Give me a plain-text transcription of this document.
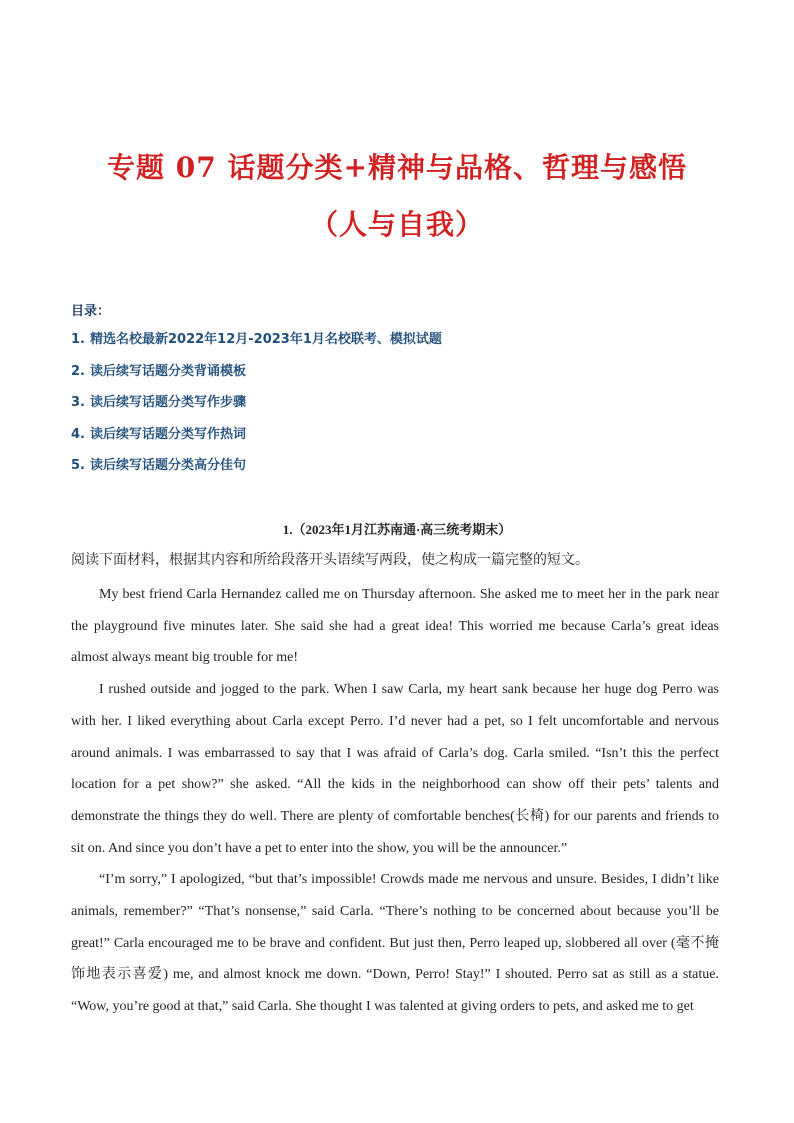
专题 07 话题分类+精神与品格、哲理与感悟
（人与自我）
目录：
1. 精选名校最新2022年12月-2023年1月名校联考、模拟试题
2. 读后续写话题分类背诵模板
3. 读后续写话题分类写作步骤
4. 读后续写话题分类写作热词
5. 读后续写话题分类高分佳句
1.（2023年1月江苏南通·高三统考期末）
阅读下面材料，根据其内容和所给段落开头语续写两段，使之构成一篇完整的短文。

My best friend Carla Hernandez called me on Thursday afternoon. She asked me to meet her in the park near the playground five minutes later. She said she had a great idea! This worried me because Carla’s great ideas almost always meant big trouble for me!

I rushed outside and jogged to the park. When I saw Carla, my heart sank because her huge dog Perro was with her. I liked everything about Carla except Perro. I’d never had a pet, so I felt uncomfortable and nervous around animals. I was embarrassed to say that I was afraid of Carla’s dog. Carla smiled. “Isn’t this the perfect location for a pet show?” she asked. “All the kids in the neighborhood can show off their pets’ talents and demonstrate the things they do well. There are plenty of comfortable benches(长椅) for our parents and friends to sit on. And since you don’t have a pet to enter into the show, you will be the announcer.”

“I’m sorry,” I apologized, “but that’s impossible! Crowds made me nervous and unsure. Besides, I didn’t like animals, remember?” “That’s nonsense,” said Carla. “There’s nothing to be concerned about because you’ll be great!” Carla encouraged me to be brave and confident. But just then, Perro leaped up, slobbered all over (毫不掩饰地表示喜爱) me, and almost knock me down. “Down, Perro! Stay!” I shouted. Perro sat as still as a statue. “Wow, you’re good at that,” said Carla. She thought I was talented at giving orders to pets, and asked me to get
